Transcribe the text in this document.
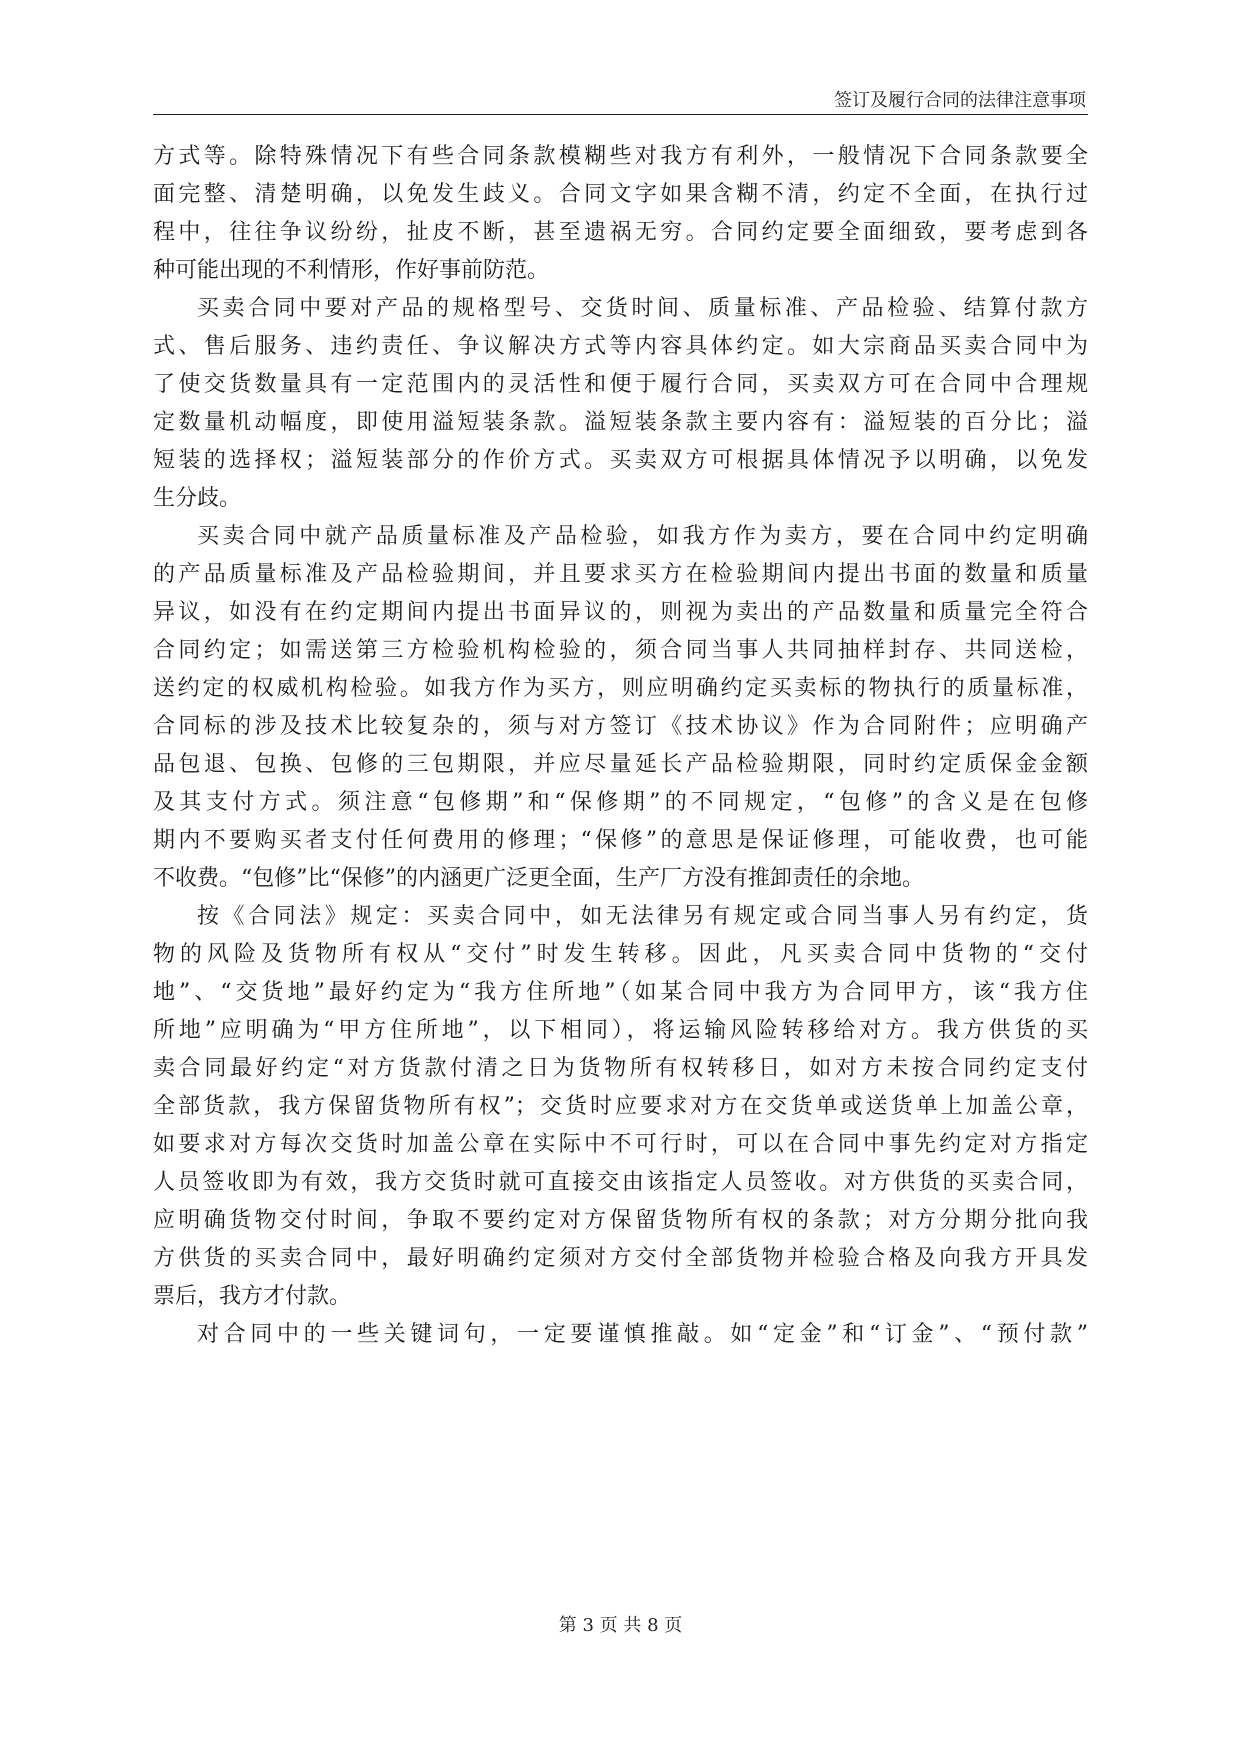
签订及履行合同的法律注意事项
方式等。除特殊情况下有些合同条款模糊些对我方有利外，一般情况下合同条款要全
面完整、清楚明确，以免发生歧义。合同文字如果含糊不清，约定不全面，在执行过
程中，往往争议纷纷，扯皮不断，甚至遗祸无穷。合同约定要全面细致，要考虑到各
种可能出现的不利情形，作好事前防范。
买卖合同中要对产品的规格型号、交货时间、质量标准、产品检验、结算付款方
式、售后服务、违约责任、争议解决方式等内容具体约定。如大宗商品买卖合同中为
了使交货数量具有一定范围内的灵活性和便于履行合同，买卖双方可在合同中合理规
定数量机动幅度，即使用溢短装条款。溢短装条款主要内容有：溢短装的百分比；溢
短装的选择权；溢短装部分的作价方式。买卖双方可根据具体情况予以明确，以免发
生分歧。
买卖合同中就产品质量标准及产品检验，如我方作为卖方，要在合同中约定明确
的产品质量标准及产品检验期间，并且要求买方在检验期间内提出书面的数量和质量
异议，如没有在约定期间内提出书面异议的，则视为卖出的产品数量和质量完全符合
合同约定；如需送第三方检验机构检验的，须合同当事人共同抽样封存、共同送检，
送约定的权威机构检验。如我方作为买方，则应明确约定买卖标的物执行的质量标准，
合同标的涉及技术比较复杂的，须与对方签订《技术协议》作为合同附件；应明确产
品包退、包换、包修的三包期限，并应尽量延长产品检验期限，同时约定质保金金额
及其支付方式。须注意“包修期”和“保修期”的不同规定，“包修”的含义是在包修
期内不要购买者支付任何费用的修理；“保修”的意思是保证修理，可能收费，也可能
不收费。“包修”比“保修”的内涵更广泛更全面，生产厂方没有推卸责任的余地。
按《合同法》规定：买卖合同中，如无法律另有规定或合同当事人另有约定，货
物的风险及货物所有权从“交付”时发生转移。因此，凡买卖合同中货物的“交付
地”、“交货地”最好约定为“我方住所地”（如某合同中我方为合同甲方，该“我方住
所地”应明确为“甲方住所地”，以下相同），将运输风险转移给对方。我方供货的买
卖合同最好约定“对方货款付清之日为货物所有权转移日，如对方未按合同约定支付
全部货款，我方保留货物所有权”；交货时应要求对方在交货单或送货单上加盖公章，
如要求对方每次交货时加盖公章在实际中不可行时，可以在合同中事先约定对方指定
人员签收即为有效，我方交货时就可直接交由该指定人员签收。对方供货的买卖合同，
应明确货物交付时间，争取不要约定对方保留货物所有权的条款；对方分期分批向我
方供货的买卖合同中，最好明确约定须对方交付全部货物并检验合格及向我方开具发
票后，我方才付款。
对合同中的一些关键词句，一定要谨慎推敲。如“定金”和“订金”、“预付款”
第 3 页 共 8 页
